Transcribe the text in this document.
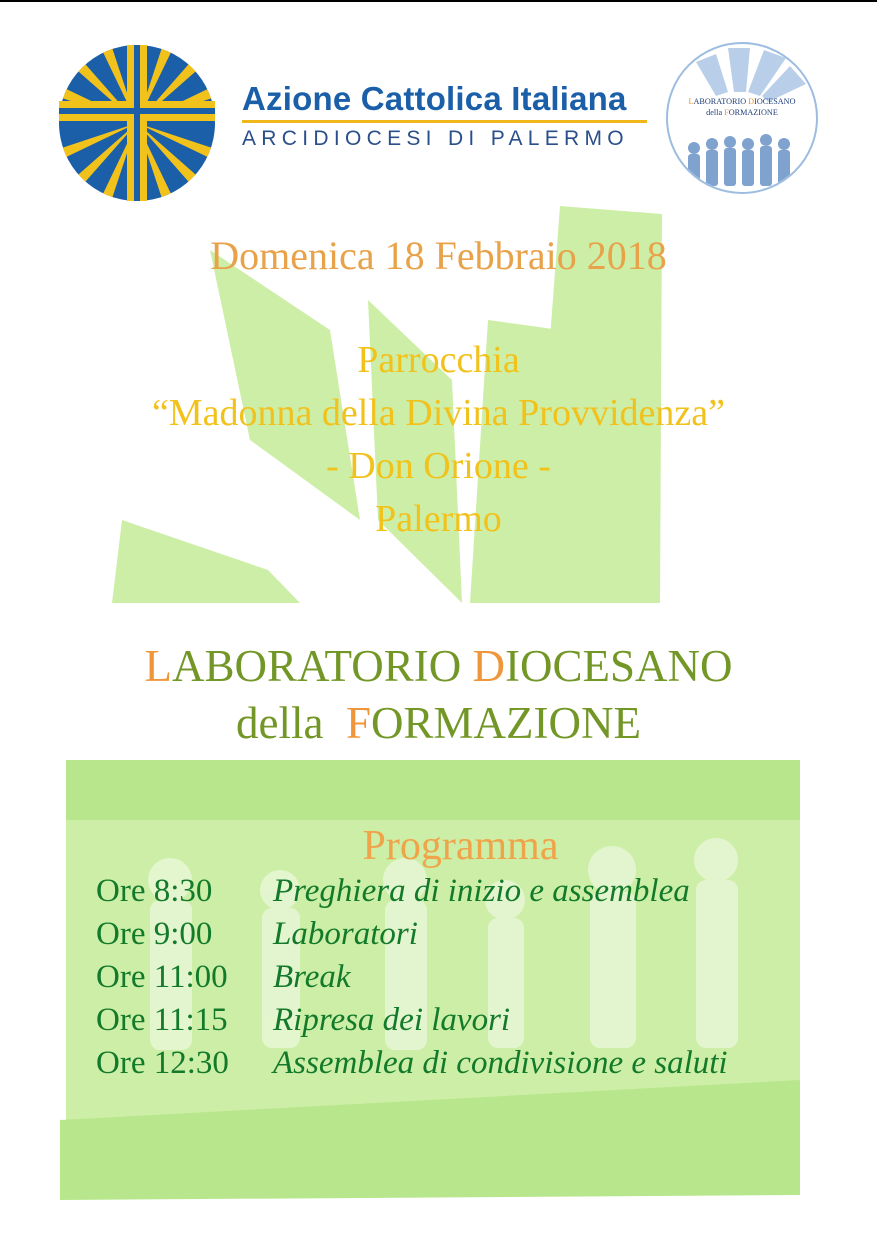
Azione Cattolica Italiana
ARCIDIOCESI DI PALERMO
LABORATORIO DIOCESANO
della FORMAZIONE
Domenica 18 Febbraio 2018
Parrocchia
“Madonna della Divina Provvidenza”
- Don Orione -
Palermo
LABORATORIO DIOCESANO
della  FORMAZIONE
Programma
Ore 8:30 Preghiera di inizio e assemblea
Ore 9:00 Laboratori
Ore 11:00 Break
Ore 11:15 Ripresa dei lavori
Ore 12:30 Assemblea di condivisione e saluti
